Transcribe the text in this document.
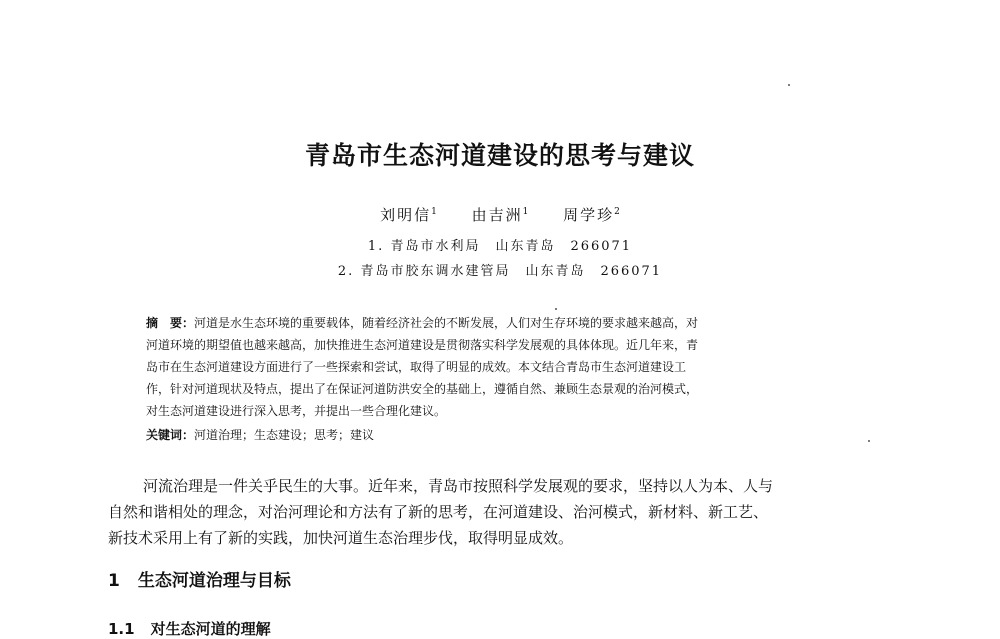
青岛市生态河道建设的思考与建议
刘明信$^1$ 由吉洲$^1$ 周学珍$^2$
1. 青岛市水利局　山东青岛　266071
2. 青岛市胶东调水建管局　山东青岛　266071
摘　要：河道是水生态环境的重要载体，随着经济社会的不断发展，人们对生存环境的要求越来越高，对
河道环境的期望值也越来越高，加快推进生态河道建设是贯彻落实科学发展观的具体体现。近几年来，青
岛市在生态河道建设方面进行了一些探索和尝试，取得了明显的成效。本文结合青岛市生态河道建设工
作，针对河道现状及特点，提出了在保证河道防洪安全的基础上，遵循自然、兼顾生态景观的治河模式，
对生态河道建设进行深入思考，并提出一些合理化建议。
关键词：河道治理；生态建设；思考；建议
河流治理是一件关乎民生的大事。近年来，青岛市按照科学发展观的要求，坚持以人为本、人与
自然和谐相处的理念，对治河理论和方法有了新的思考，在河道建设、治河模式，新材料、新工艺、
新技术采用上有了新的实践，加快河道生态治理步伐，取得明显成效。
1 生态河道治理与目标
1.1 对生态河道的理解
